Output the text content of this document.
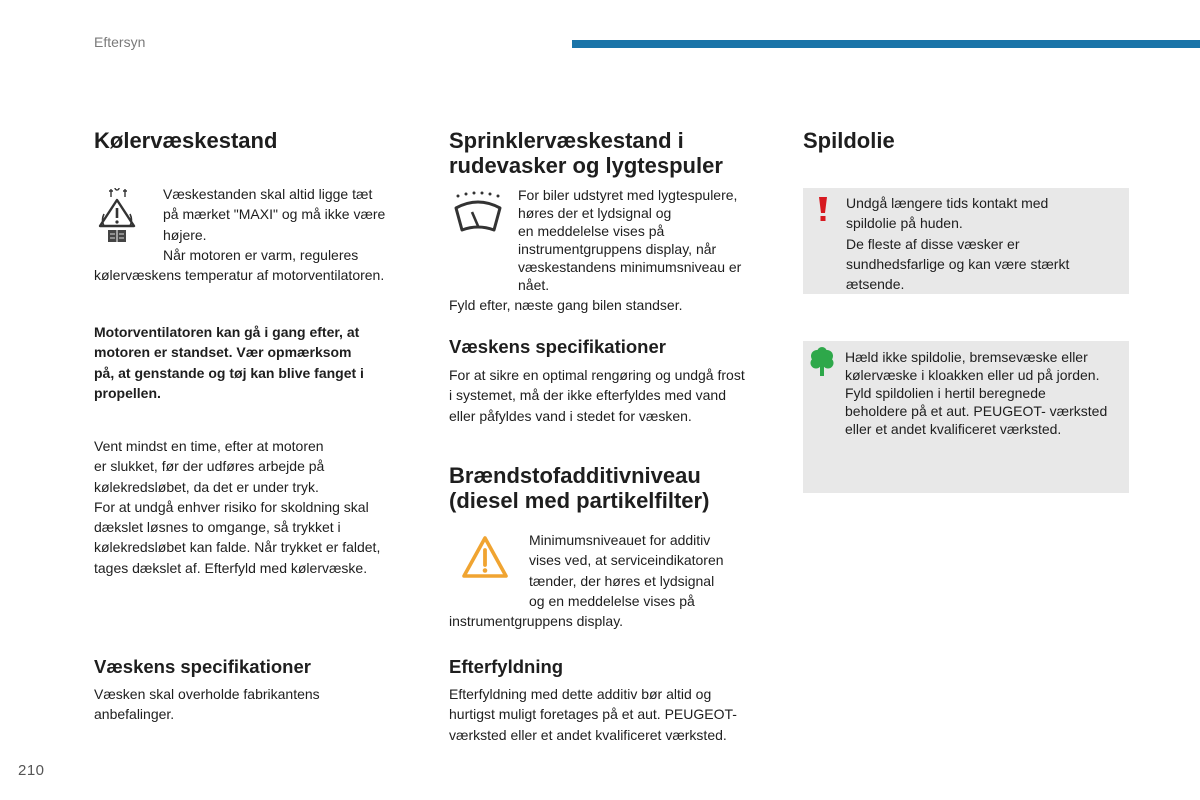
Eftersyn
Kølervæskestand

Væskestanden skal altid ligge tæt

på mærket "MAXI" og må ikke være

højere.

Når motoren er varm, reguleres

kølervæskens temperatur af motorventilatoren.

Motorventilatoren kan gå i gang efter, at

motoren er standset. Vær opmærksom

på, at genstande og tøj kan blive fanget i

propellen.

Vent mindst en time, efter at motoren

er slukket, før der udføres arbejde på

kølekredsløbet, da det er under tryk.

For at undgå enhver risiko for skoldning skal

dækslet løsnes to omgange, så trykket i

kølekredsløbet kan falde. Når trykket er faldet,

tages dækslet af. Efterfyld med kølervæske.

Væskens specifikationer

Væsken skal overholde fabrikantens

anbefalinger.

Sprinklervæskestand i
rudevasker og lygtespuler

For biler udstyret med lygtespulere,

høres der et lydsignal og

en meddelelse vises på

instrumentgruppens display, når

væskestandens minimumsniveau er

nået.

Fyld efter, næste gang bilen standser.
Væskens specifikationer

For at sikre en optimal rengøring og undgå frost

i systemet, må der ikke efterfyldes med vand

eller påfyldes vand i stedet for væsken.

Brændstofadditivniveau
(diesel med partikelfilter)

Minimumsniveauet for additiv

vises ved, at serviceindikatoren

tænder, der høres et lydsignal

og en meddelelse vises på

instrumentgruppens display.
Efterfyldning

Efterfyldning med dette additiv bør altid og

hurtigst muligt foretages på et aut. PEUGEOT-

værksted eller et andet kvalificeret værksted.

Spildolie

Undgå længere tids kontakt med

spildolie på huden.

De fleste af disse væsker er

sundhedsfarlige og kan være stærkt

ætsende.

Hæld ikke spildolie, bremsevæske eller

kølervæske i kloakken eller ud på jorden.

Fyld spildolien i hertil beregnede

beholdere på et aut. PEUGEOT- værksted

eller et andet kvalificeret værksted.

210
